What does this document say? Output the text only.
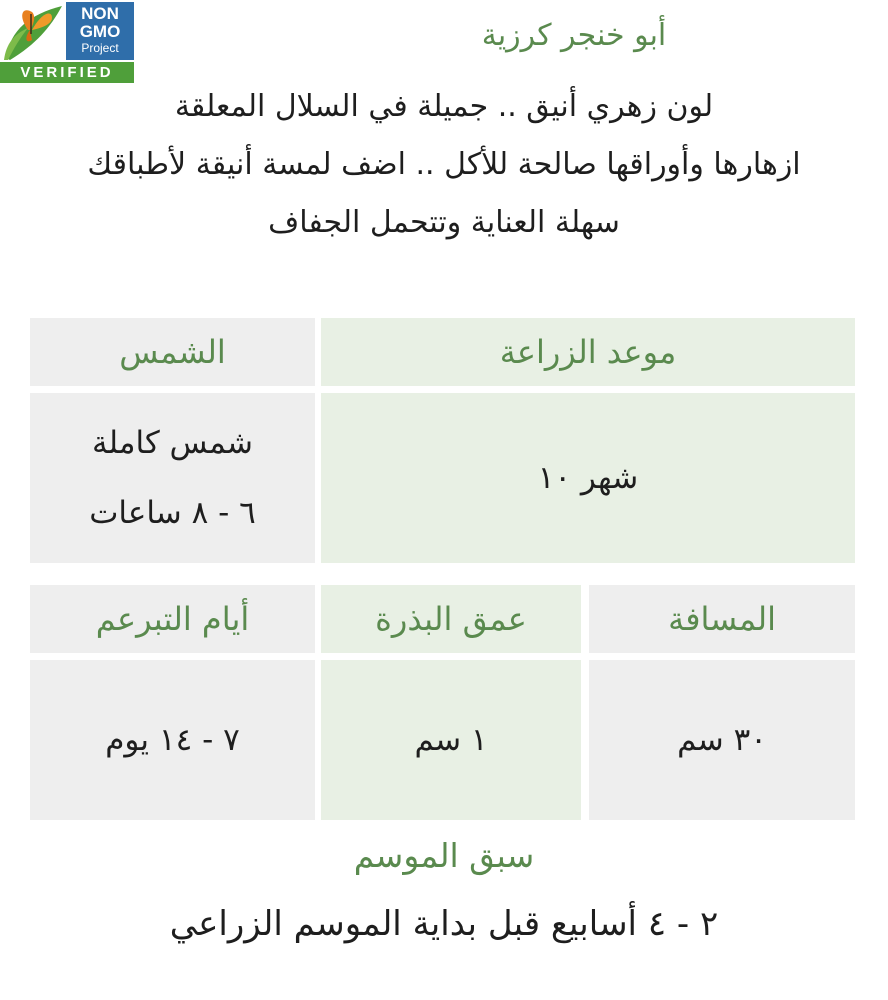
NON
GMO
Project
VERIFIED
أبو خنجر كرزية
لون زهري أنيق .. جميلة في السلال المعلقة
ازهارها وأوراقها صالحة للأكل .. اضف لمسة أنيقة لأطباقك
سهلة العناية وتتحمل الجفاف
موعد الزراعة
الشمس
شهر ١٠
شمس كاملة
٦ - ٨ ساعات
المسافة
عمق البذرة
أيام التبرعم
٣٠ سم
١ سم
٧ - ١٤ يوم
سبق الموسم
٢ - ٤ أسابيع قبل بداية الموسم الزراعي
